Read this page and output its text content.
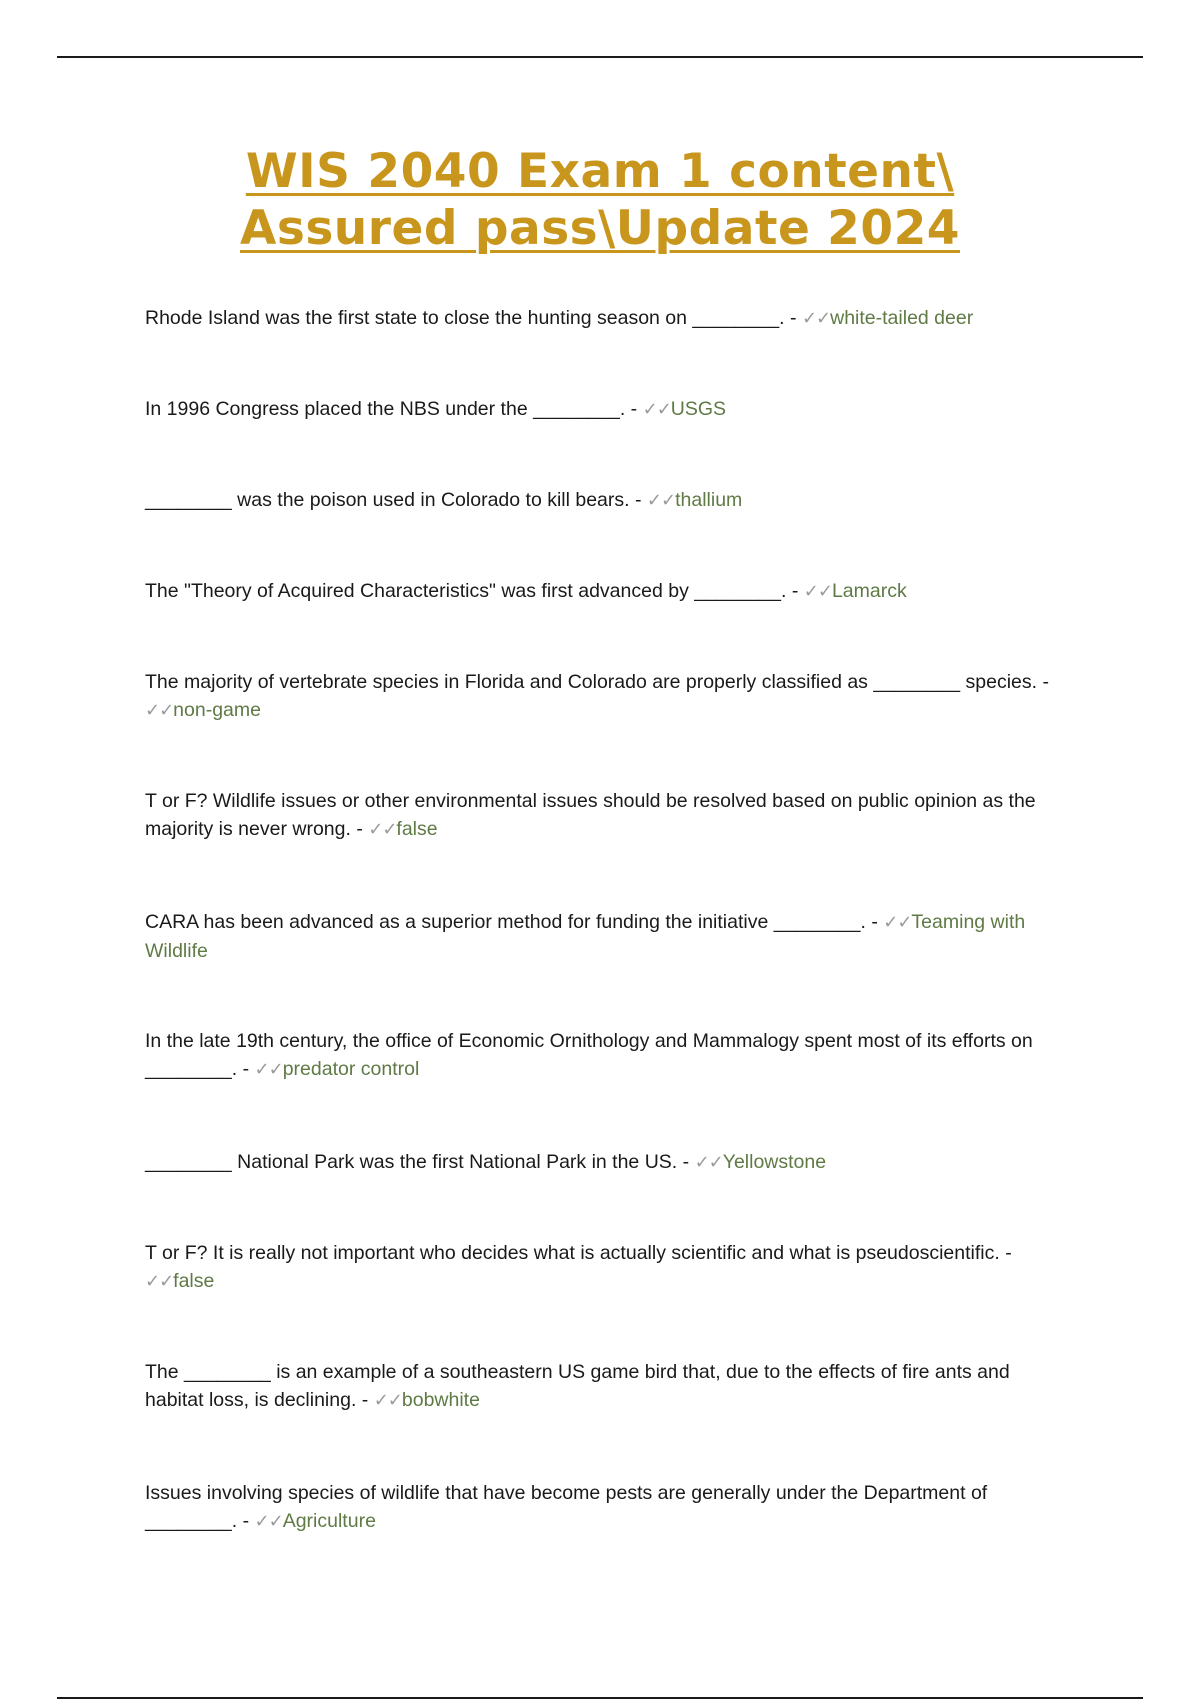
WIS 2040 Exam 1 content\
Assured pass\Update 2024
Rhode Island was the first state to close the hunting season on ________. - ✓✓white-tailed deer
In 1996 Congress placed the NBS under the ________. - ✓✓USGS
________ was the poison used in Colorado to kill bears. - ✓✓thallium
The "Theory of Acquired Characteristics" was first advanced by ________. - ✓✓Lamarck
The majority of vertebrate species in Florida and Colorado are properly classified as ________ species. - ✓✓non-game
T or F? Wildlife issues or other environmental issues should be resolved based on public opinion as the majority is never wrong. - ✓✓false
CARA has been advanced as a superior method for funding the initiative ________. - ✓✓Teaming with Wildlife
In the late 19th century, the office of Economic Ornithology and Mammalogy spent most of its efforts on ________. - ✓✓predator control
________ National Park was the first National Park in the US. - ✓✓Yellowstone
T or F? It is really not important who decides what is actually scientific and what is pseudoscientific. - ✓✓false
The ________ is an example of a southeastern US game bird that, due to the effects of fire ants and habitat loss, is declining. - ✓✓bobwhite
Issues involving species of wildlife that have become pests are generally under the Department of ________. - ✓✓Agriculture
